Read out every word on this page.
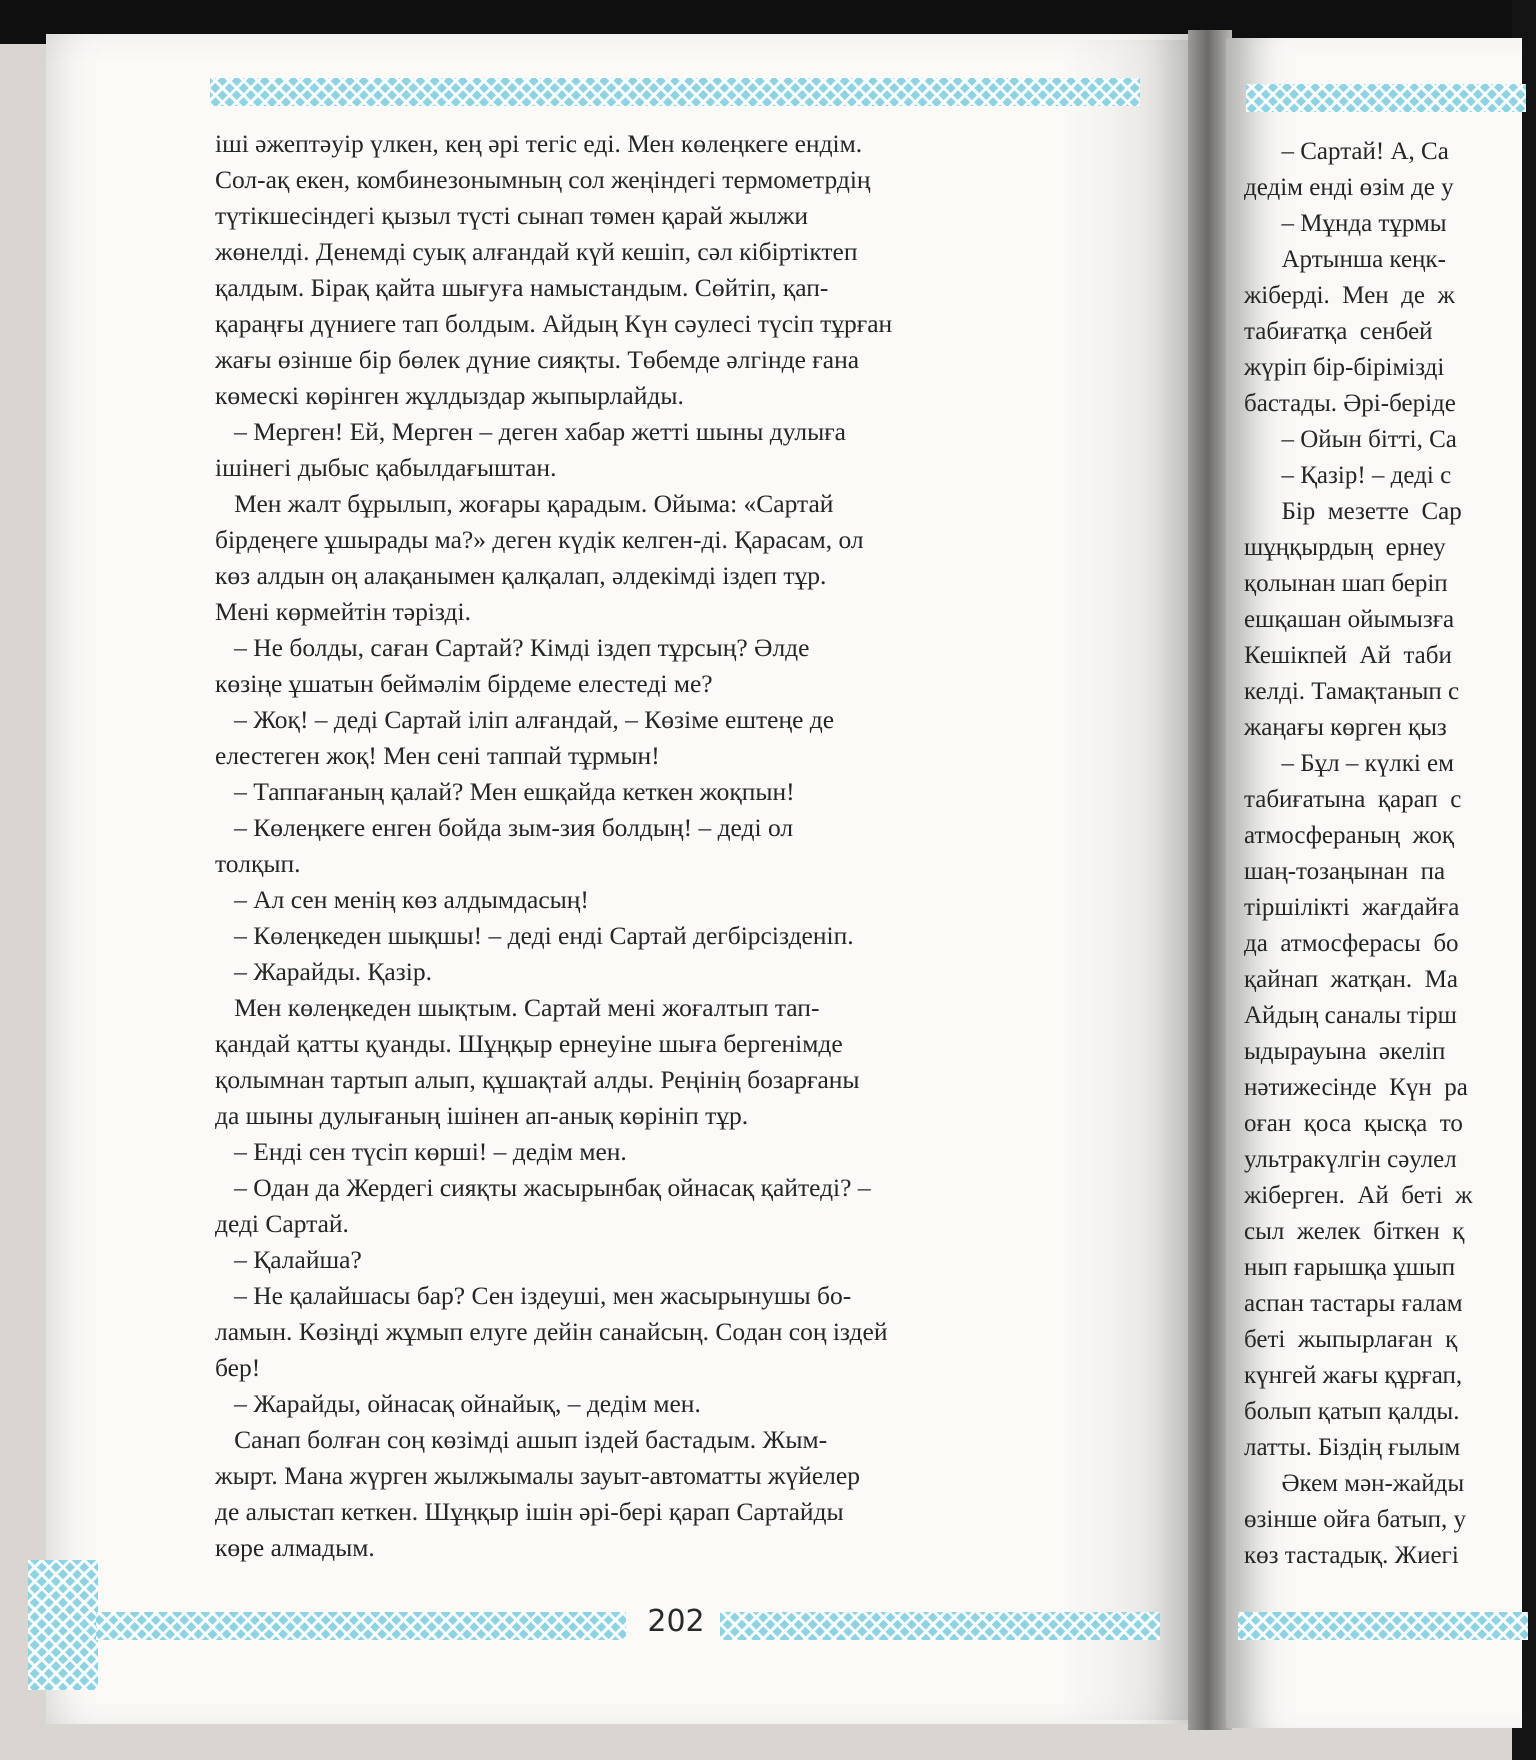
202
іші әжептәуір үлкен, кең әрі тегіс еді. Мен көлеңкеге ендім.
Сол-ақ екен, комбинезонымның сол жеңіндегі термометрдің
түтікшесіндегі қызыл түсті сынап төмен қарай жылжи
жөнелді. Денемді суық алғандай күй кешіп, сәл кібіртіктеп
қалдым. Бірақ қайта шығуға намыстандым. Сөйтіп, қап-
қараңғы дүниеге тап болдым. Айдың Күн сәулесі түсіп тұрған
жағы өзінше бір бөлек дүние сияқты. Төбемде әлгінде ғана
көмескі көрінген жұлдыздар жыпырлайды.
– Мерген! Ей, Мерген – деген хабар жетті шыны дулыға
ішінегі дыбыс қабылдағыштан.
Мен жалт бұрылып, жоғары қарадым. Ойыма: «Сартай
бірдеңеге ұшырады ма?» деген күдік келген-ді. Қарасам, ол
көз алдын оң алақанымен қалқалап, әлдекімді іздеп тұр.
Мені көрмейтін тәрізді.
– Не болды, саған Сартай? Кімді іздеп тұрсың? Әлде
көзіңе ұшатын беймәлім бірдеме елестеді ме?
– Жоқ! – деді Сартай іліп алғандай, – Көзіме ештеңе де
елестеген жоқ! Мен сені таппай тұрмын!
– Таппағаның қалай? Мен ешқайда кеткен жоқпын!
– Көлеңкеге енген бойда зым-зия болдың! – деді ол
толқып.
– Ал сен менің көз алдымдасың!
– Көлеңкеден шықшы! – деді енді Сартай дегбірсізденіп.
– Жарайды. Қазір.
Мен көлеңкеден шықтым. Сартай мені жоғалтып тап-
қандай қатты қуанды. Шұңқыр ернеуіне шыға бергенімде
қолымнан тартып алып, құшақтай алды. Реңінің бозарғаны
да шыны дулығаның ішінен ап-анық көрініп тұр.
– Енді сен түсіп көрші! – дедім мен.
– Одан да Жердегі сияқты жасырынбақ ойнасақ қайтеді? –
деді Сартай.
– Қалайша?
– Не қалайшасы бар? Сен іздеуші, мен жасырынушы бо-
ламын. Көзіңді жұмып елуге дейін санайсың. Содан соң іздей
бер!
– Жарайды, ойнасақ ойнайық, – дедім мен.
Санап болған соң көзімді ашып іздей бастадым. Жым-
жырт. Мана жүрген жылжымалы зауыт-автоматты жүйелер
де алыстап кеткен. Шұңқыр ішін әрі-бері қарап Сартайды
көре алмадым.
– Сартай! А, Са
дедім енді өзім де у
– Мұнда тұрмы
Артынша кеңк-
жіберді.  Мен  де  ж
табиғатқа  сенбей
жүріп бір-бірімізді
бастады. Әрі-беріде
– Ойын бітті, Са
– Қазір! – деді с
Бір  мезетте  Сар
шұңқырдың  ернеу
қолынан шап беріп
ешқашан ойымызға
Кешікпей  Ай  таби
келді. Тамақтанып с
жаңағы көрген қыз
– Бұл – күлкі ем
табиғатына  қарап  с
атмосфераның  жоқ
шаң-тозаңынан  па
тіршілікті  жағдайға
да  атмосферасы  бо
қайнап  жатқан.  Ма
Айдың саналы тірш
ыдырауына  әкеліп
нәтижесінде  Күн  ра
оған  қоса  қысқа  то
ультракүлгін сәулел
жіберген.  Ай  беті  ж
сыл  желек  біткен  қ
нып ғарышқа ұшып
аспан тастары ғалам
беті  жыпырлаған  қ
күнгей жағы құрғап,
болып қатып қалды.
латты. Біздің ғылым
Әкем мән-жайды
өзінше ойға батып, у
көз тастадық. Жиегі
